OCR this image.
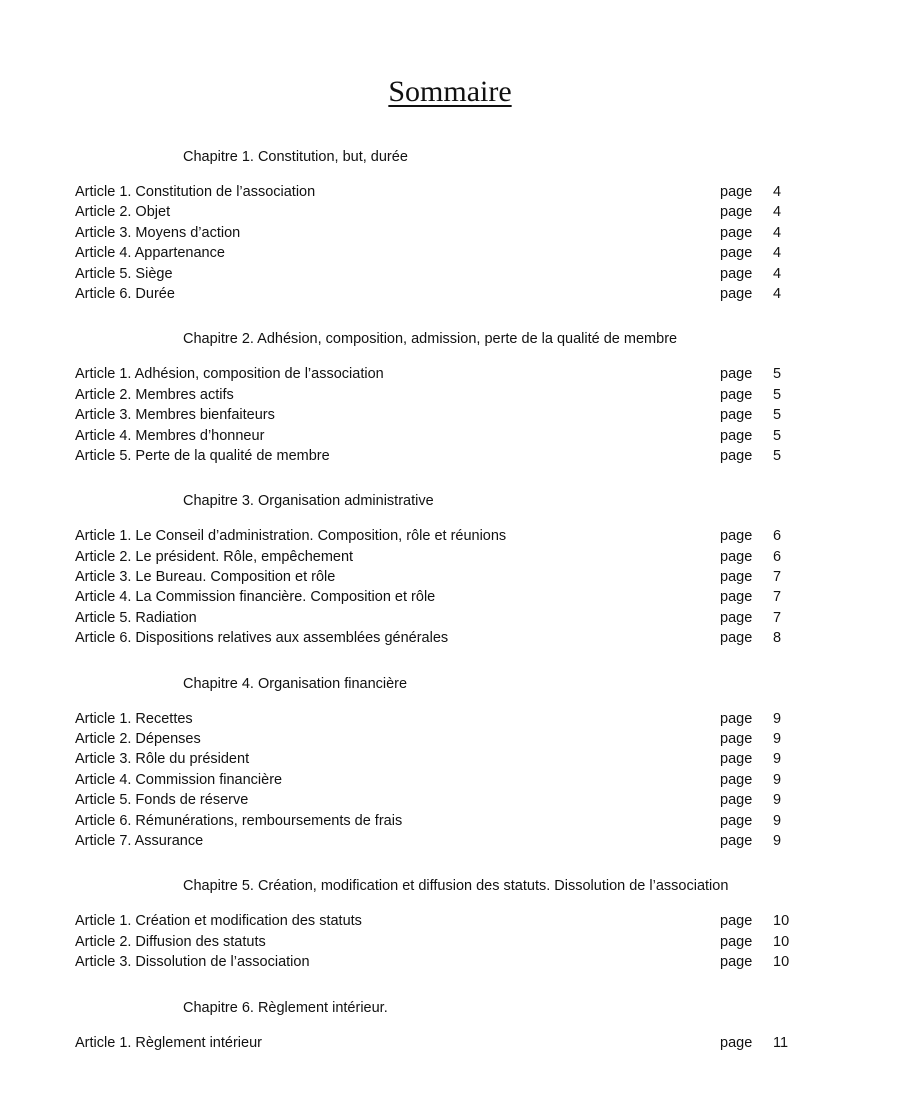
Sommaire
Chapitre 1. Constitution, but, durée
Article 1. Constitution de l’association	page 4
Article 2. Objet	page 4
Article 3. Moyens d’action	page 4
Article 4. Appartenance	page 4
Article 5. Siège	page 4
Article 6. Durée	page 4
Chapitre 2. Adhésion, composition, admission, perte de la qualité de membre
Article 1. Adhésion, composition de l’association	page 5
Article 2. Membres actifs	page 5
Article 3. Membres bienfaiteurs	page 5
Article 4. Membres d’honneur	page 5
Article 5. Perte de la qualité de membre	page 5
Chapitre 3. Organisation administrative
Article 1. Le Conseil d’administration. Composition, rôle et réunions	page 6
Article 2. Le président. Rôle, empêchement	page 6
Article 3. Le Bureau. Composition et rôle	page 7
Article 4. La Commission financière. Composition et rôle	page 7
Article 5. Radiation	page 7
Article 6. Dispositions relatives aux assemblées générales	page 8
Chapitre 4. Organisation financière
Article 1. Recettes	page 9
Article 2. Dépenses	page 9
Article 3. Rôle du président	page 9
Article 4. Commission financière	page 9
Article 5. Fonds de réserve	page 9
Article 6. Rémunérations, remboursements de frais	page 9
Article 7. Assurance	page 9
Chapitre 5. Création, modification et diffusion des statuts. Dissolution de l’association
Article 1. Création et modification des statuts	page 10
Article 2. Diffusion des statuts	page 10
Article 3. Dissolution de l’association	page 10
Chapitre 6. Règlement intérieur.
Article 1. Règlement intérieur	page 11
